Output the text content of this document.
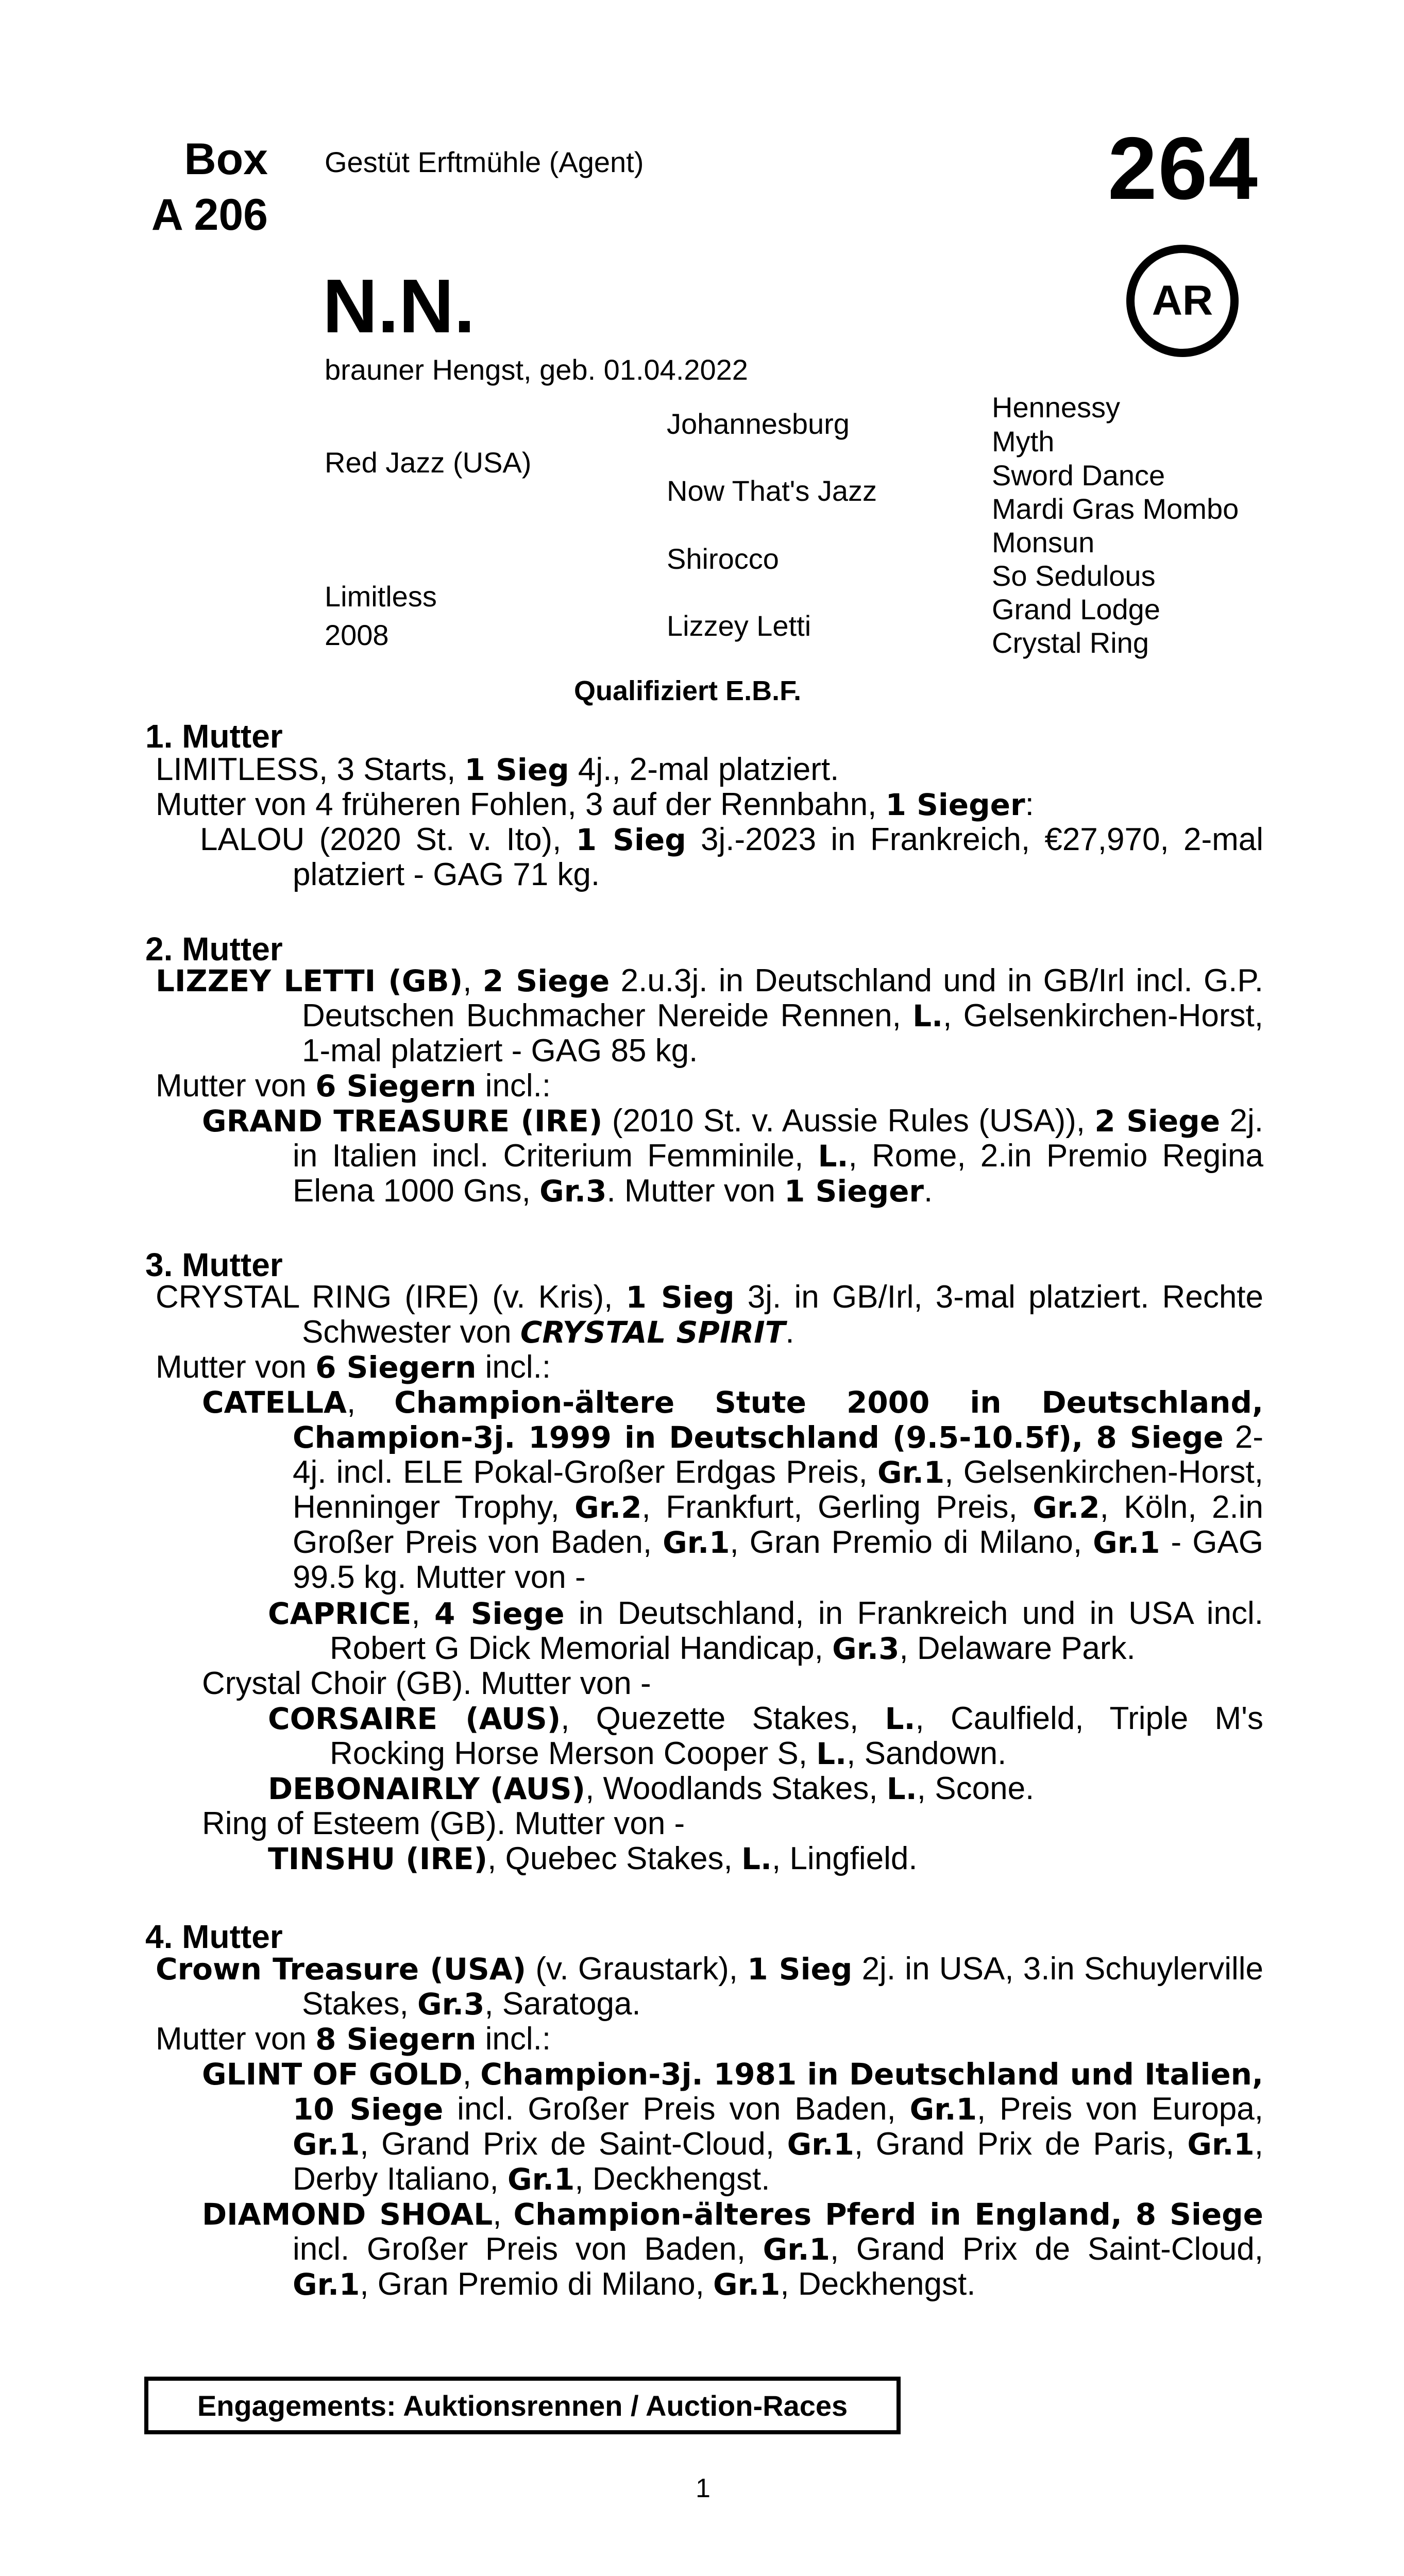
Box
A 206
Gestüt Erftmühle (Agent)	264
N.N.	AR
brauner Hengst, geb. 01.04.2022
Red Jazz (USA)
Limitless
2008
Johannesburg
Now That's Jazz
Shirocco
Lizzey Letti
Hennessy
Myth
Sword Dance
Mardi Gras Mombo
Monsun
So Sedulous
Grand Lodge
Crystal Ring
Qualifiziert E.B.F.
1. Mutter
LIMITLESS, 3 Starts, 1 Sieg 4j., 2-mal platziert.
Mutter von 4 früheren Fohlen, 3 auf der Rennbahn, 1 Sieger:
LALOU (2020 St. v. Ito), 1 Sieg 3j.-2023 in Frankreich, €27,970, 2-mal platziert - GAG 71 kg.
2. Mutter
LIZZEY LETTI (GB), 2 Siege 2.u.3j. in Deutschland und in GB/Irl incl. G.P. Deutschen Buchmacher Nereide Rennen, L., Gelsenkirchen-Horst, 1-mal platziert - GAG 85 kg.
Mutter von 6 Siegern incl.:
GRAND TREASURE (IRE) (2010 St. v. Aussie Rules (USA)), 2 Siege 2j. in Italien incl. Criterium Femminile, L., Rome, 2.in Premio Regina Elena 1000 Gns, Gr.3. Mutter von 1 Sieger.
3. Mutter
CRYSTAL RING (IRE) (v. Kris), 1 Sieg 3j. in GB/Irl, 3-mal platziert. Rechte Schwester von CRYSTAL SPIRIT.
Mutter von 6 Siegern incl.:
CATELLA, Champion-ältere Stute 2000 in Deutschland, Champion-3j. 1999 in Deutschland (9.5-10.5f), 8 Siege 2-4j. incl. ELE Pokal-Großer Erdgas Preis, Gr.1, Gelsenkirchen-Horst, Henninger Trophy, Gr.2, Frankfurt, Gerling Preis, Gr.2, Köln, 2.in Großer Preis von Baden, Gr.1, Gran Premio di Milano, Gr.1 - GAG 99.5 kg. Mutter von -
CAPRICE, 4 Siege in Deutschland, in Frankreich und in USA incl. Robert G Dick Memorial Handicap, Gr.3, Delaware Park.
Crystal Choir (GB). Mutter von -
CORSAIRE (AUS), Quezette Stakes, L., Caulfield, Triple M's Rocking Horse Merson Cooper S, L., Sandown.
DEBONAIRLY (AUS), Woodlands Stakes, L., Scone.
Ring of Esteem (GB). Mutter von -
TINSHU (IRE), Quebec Stakes, L., Lingfield.
4. Mutter
Crown Treasure (USA) (v. Graustark), 1 Sieg 2j. in USA, 3.in Schuylerville Stakes, Gr.3, Saratoga.
Mutter von 8 Siegern incl.:
GLINT OF GOLD, Champion-3j. 1981 in Deutschland und Italien, 10 Siege incl. Großer Preis von Baden, Gr.1, Preis von Europa, Gr.1, Grand Prix de Saint-Cloud, Gr.1, Grand Prix de Paris, Gr.1, Derby Italiano, Gr.1, Deckhengst.
DIAMOND SHOAL, Champion-älteres Pferd in England, 8 Siege incl. Großer Preis von Baden, Gr.1, Grand Prix de Saint-Cloud, Gr.1, Gran Premio di Milano, Gr.1, Deckhengst.
Engagements: Auktionsrennen / Auction-Races
1
